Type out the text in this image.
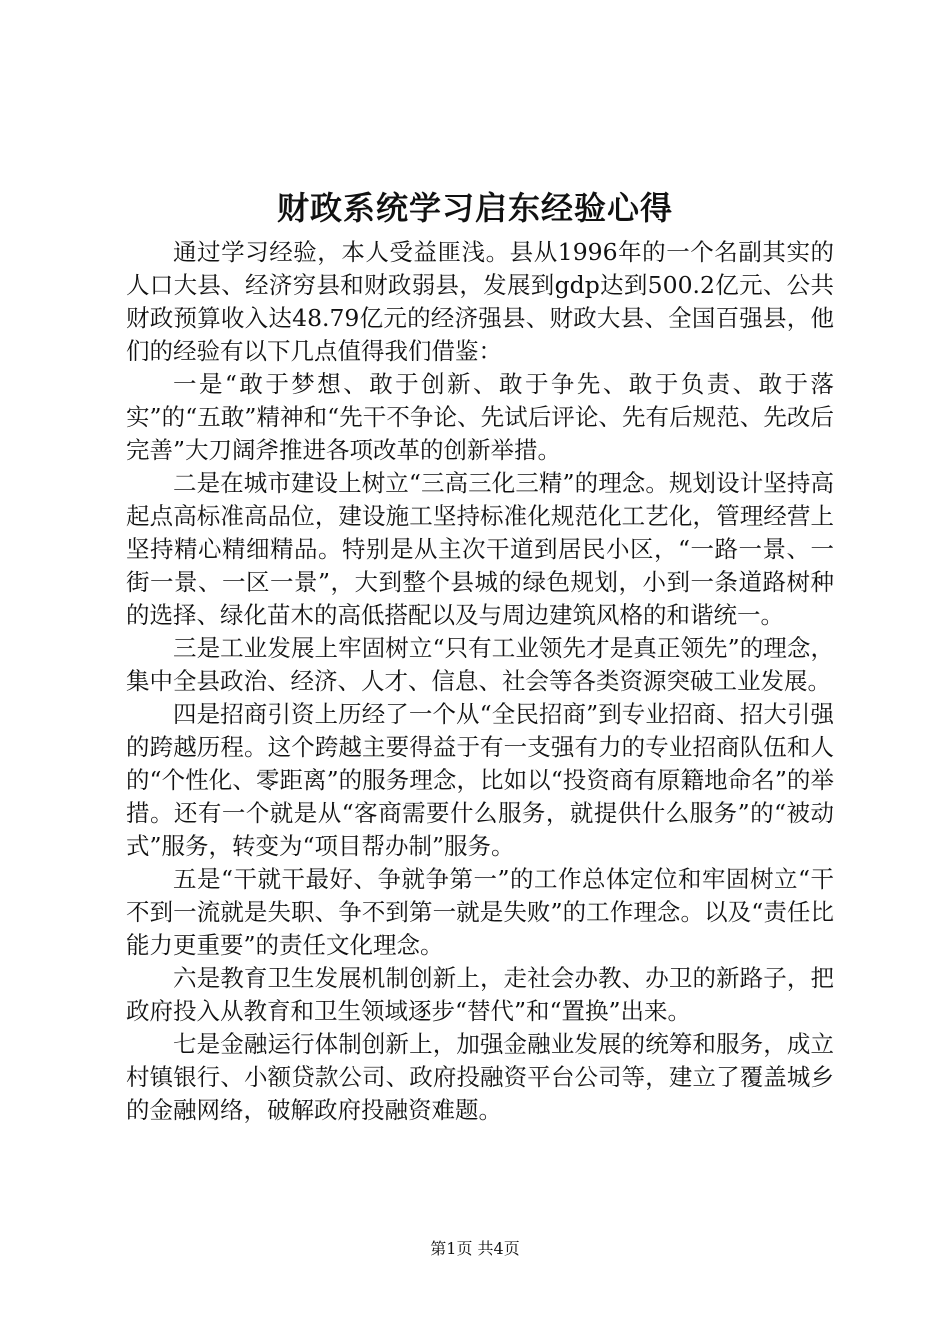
财政系统学习启东经验心得

通过学习经验，本人受益匪浅。县从1996年的一个名副其实的人口大县、经济穷县和财政弱县，发展到gdp达到500.2亿元、公共财政预算收入达48.79亿元的经济强县、财政大县、全国百强县，他们的经验有以下几点值得我们借鉴：

一是“敢于梦想、敢于创新、敢于争先、敢于负责、敢于落实”的“五敢”精神和“先干不争论、先试后评论、先有后规范、先改后完善”大刀阔斧推进各项改革的创新举措。

二是在城市建设上树立“三高三化三精”的理念。规划设计坚持高起点高标准高品位，建设施工坚持标准化规范化工艺化，管理经营上坚持精心精细精品。特别是从主次干道到居民小区，“一路一景、一街一景、一区一景”，大到整个县城的绿色规划，小到一条道路树种的选择、绿化苗木的高低搭配以及与周边建筑风格的和谐统一。

三是工业发展上牢固树立“只有工业领先才是真正领先”的理念，集中全县政治、经济、人才、信息、社会等各类资源突破工业发展。

四是招商引资上历经了一个从“全民招商”到专业招商、招大引强的跨越历程。这个跨越主要得益于有一支强有力的专业招商队伍和人的“个性化、零距离”的服务理念，比如以“投资商有原籍地命名”的举措。还有一个就是从“客商需要什么服务，就提供什么服务”的“被动式”服务，转变为“项目帮办制”服务。

五是“干就干最好、争就争第一”的工作总体定位和牢固树立“干不到一流就是失职、争不到第一就是失败”的工作理念。以及“责任比能力更重要”的责任文化理念。

六是教育卫生发展机制创新上，走社会办教、办卫的新路子，把政府投入从教育和卫生领域逐步“替代”和“置换”出来。

七是金融运行体制创新上，加强金融业发展的统筹和服务，成立村镇银行、小额贷款公司、政府投融资平台公司等，建立了覆盖城乡的金融网络，破解政府投融资难题。

第1页 共4页
